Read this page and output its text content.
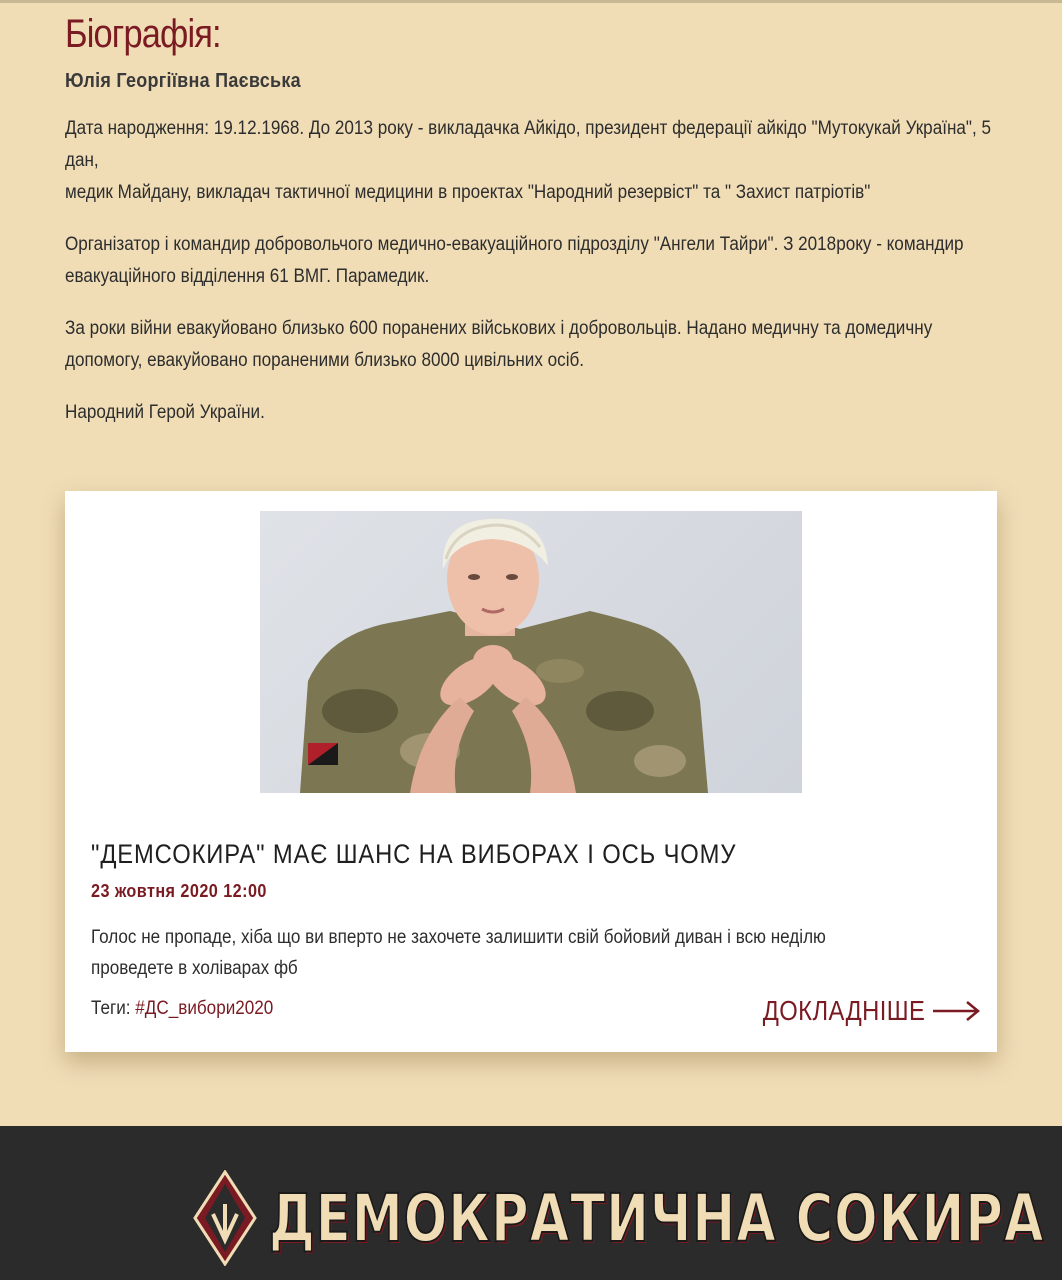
Біографія:
Юлія Георгіївна Паєвська

Дата народження: 19.12.1968. До 2013 року - викладачка Айкідо, президент федерації айкідо "Мутокукай Україна", 5 дан,
медик Майдану, викладач тактичної медицини в проектах "Народний резервіст" та " Захист патріотів"

Організатор і командир добровольчого медично-евакуаційного підрозділу "Ангели Тайри". З 2018року - командир евакуаційного відділення 61 ВМГ. Парамедик.

За роки війни евакуйовано близько 600 поранених військових і добровольців. Надано медичну та домедичну допомогу, евакуйовано пораненими близько 8000 цивільних осіб.

Народний Герой України.

"ДЕМСОКИРА" МАЄ ШАНС НА ВИБОРАХ І ОСЬ ЧОМУ
23 жовтня 2020 12:00
Голос не пропаде, хіба що ви вперто не захочете залишити свій бойовий диван і всю неділю проведете в холіварах фб
Теги: #ДС_вибори2020	ДОКЛАДНІШЕ
ДЕМОКРАТИЧНА СОКИРА
